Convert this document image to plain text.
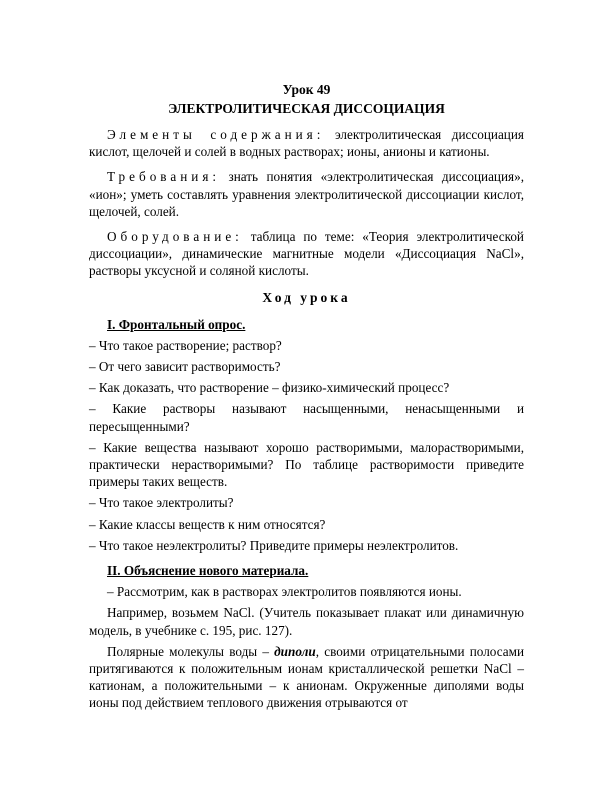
Урок 49
ЭЛЕКТРОЛИТИЧЕСКАЯ ДИССОЦИАЦИЯ

Элементы содержания: электролитическая диссоциация кислот, щелочей и солей в водных растворах; ионы, анионы и катионы.

Требования: знать понятия «электролитическая диссоциация», «ион»; уметь составлять уравнения электролитической диссоциации кислот, щелочей, солей.

Оборудование: таблица по теме: «Теория электролитической диссоциации», динамические магнитные модели «Диссоциация NaCl», растворы уксусной и соляной кислоты.

Ход урока

I. Фронтальный опрос.

– Что такое растворение; раствор?

– От чего зависит растворимость?

– Как доказать, что растворение – физико-химический процесс?

– Какие растворы называют насыщенными, ненасыщенными и пересыщенными?

– Какие вещества называют хорошо растворимыми, малорастворимыми, практически нерастворимыми? По таблице растворимости приведите примеры таких веществ.

– Что такое электролиты?

– Какие классы веществ к ним относятся?

– Что такое неэлектролиты? Приведите примеры неэлектролитов.

II. Объяснение нового материала.

– Рассмотрим, как в растворах электролитов появляются ионы.

Например, возьмем NaCl. (Учитель показывает плакат или динамичную модель, в учебнике с. 195, рис. 127).

Полярные молекулы воды – диполи, своими отрицательными полосами притягиваются к положительным ионам кристаллической решетки NaCl – катионам, а положительными – к анионам. Окруженные диполями воды ионы под действием теплового движения отрываются от
